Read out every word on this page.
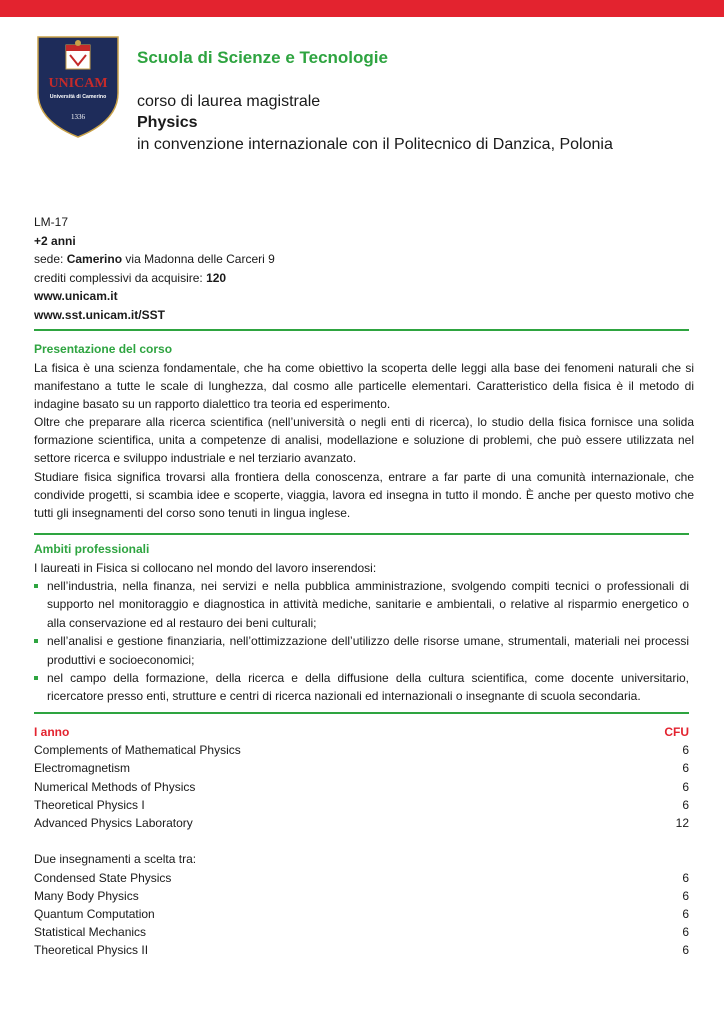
UNICAM
Università di Camerino
1336
Scuola di Scienze e Tecnologie
corso di laurea magistrale
Physics
in convenzione internazionale con il Politecnico di Danzica, Polonia
LM-17
+2 anni
sede: Camerino via Madonna delle Carceri 9
crediti complessivi da acquisire: 120
www.unicam.it
www.sst.unicam.it/SST
Presentazione del corso

La fisica è una scienza fondamentale, che ha come obiettivo la scoperta delle leggi alla base dei fenomeni naturali che si manifestano a tutte le scale di lunghezza, dal cosmo alle particelle elementari. Caratteristico della fisica è il metodo di indagine basato su un rapporto dialettico tra teoria ed esperimento.

Oltre che preparare alla ricerca scientifica (nell’università o negli enti di ricerca), lo studio della fisica fornisce una solida formazione scientifica, unita a competenze di analisi, modellazione e soluzione di problemi, che può essere utilizzata nel settore ricerca e sviluppo industriale e nel terziario avanzato.

Studiare fisica significa trovarsi alla frontiera della conoscenza, entrare a far parte di una comunità internazionale, che condivide progetti, si scambia idee e scoperte, viaggia, lavora ed insegna in tutto il mondo. È anche per questo motivo che tutti gli insegnamenti del corso sono tenuti in lingua inglese.

Ambiti professionali
I laureati in Fisica si collocano nel mondo del lavoro inserendosi:
nell’industria, nella finanza, nei servizi e nella pubblica amministrazione, svolgendo compiti tecnici o professionali di supporto nel monitoraggio e diagnostica in attività mediche, sanitarie e ambientali, o relative al risparmio energetico o alla conservazione ed al restauro dei beni culturali;
nell’analisi e gestione finanziaria, nell’ottimizzazione dell’utilizzo delle risorse umane, strumentali, materiali nei processi produttivi e socioeconomici;
nel campo della formazione, della ricerca e della diffusione della cultura scientifica, come docente universitario, ricercatore presso enti, strutture e centri di ricerca nazionali ed internazionali o insegnante di scuola secondaria.
I anno	CFU
Complements of Mathematical Physics	6
Electromagnetism	6
Numerical Methods of Physics	6
Theoretical Physics I	6
Advanced Physics Laboratory	12
Due insegnamenti a scelta tra:
Condensed State Physics	6
Many Body Physics	6
Quantum Computation	6
Statistical Mechanics	6
Theoretical Physics II	6
